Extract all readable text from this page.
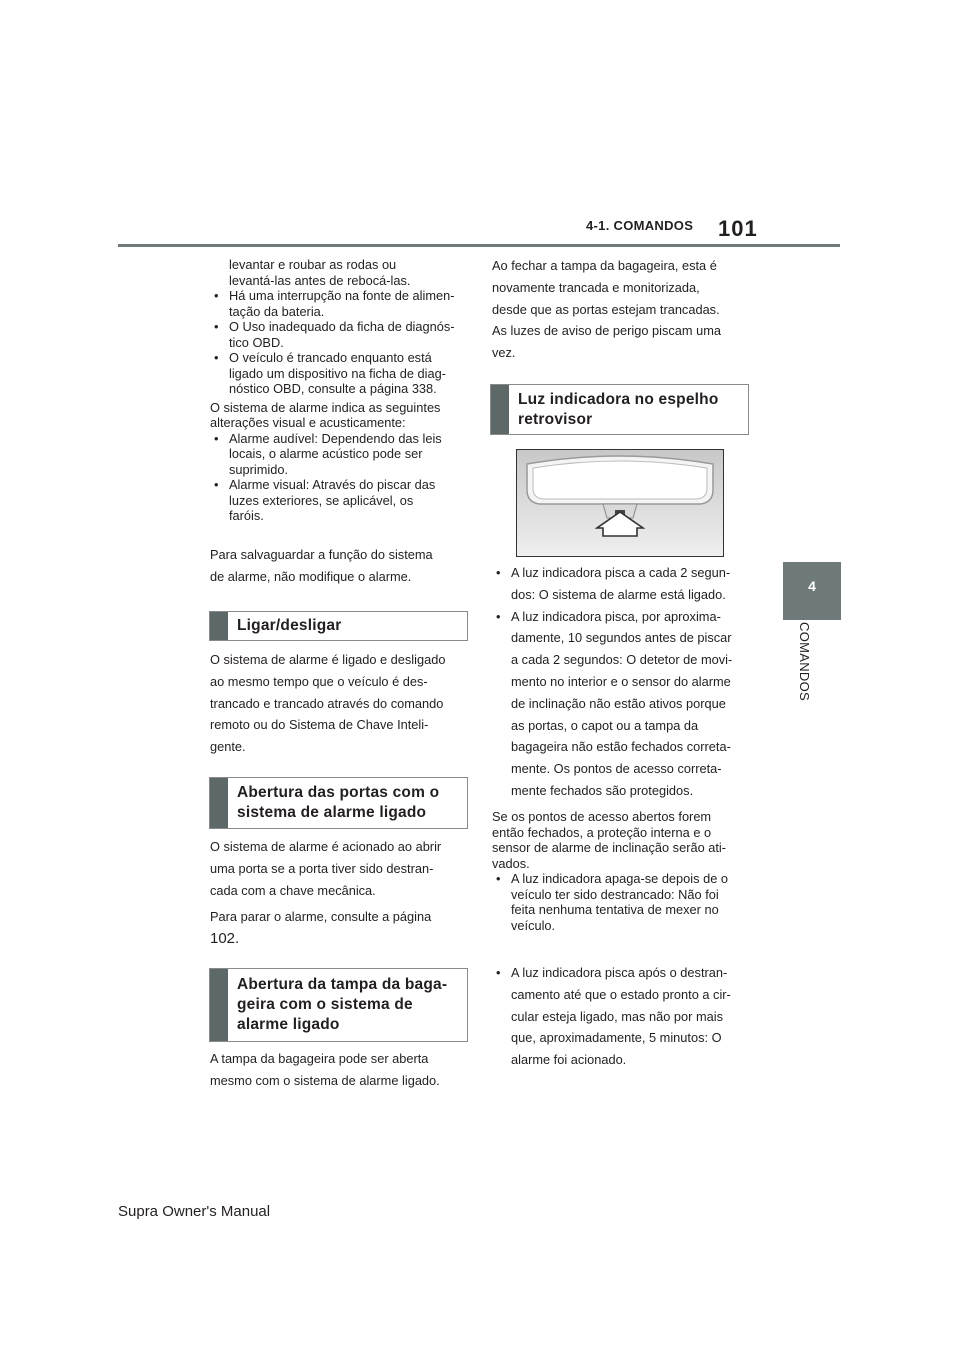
4-1. COMANDOS 101
4
COMANDOS

levantar e roubar as rodas ou

levantá-las antes de rebocá-las.

• Há uma interrupção na fonte de alimen-

tação da bateria.

• O Uso inadequado da ficha de diagnós-

tico OBD.

• O veículo é trancado enquanto está

ligado um dispositivo na ficha de diag-

nóstico OBD, consulte a página 338.

O sistema de alarme indica as seguintes

alterações visual e acusticamente:

• Alarme audível: Dependendo das leis

locais, o alarme acústico pode ser

suprimido.

• Alarme visual: Através do piscar das

luzes exteriores, se aplicável, os

faróis.

Para salvaguardar a função do sistema

de alarme, não modifique o alarme.

Ligar/desligar

O sistema de alarme é ligado e desligado

ao mesmo tempo que o veículo é des-

trancado e trancado através do comando

remoto ou do Sistema de Chave Inteli-

gente.

Abertura das portas com o
sistema de alarme ligado

O sistema de alarme é acionado ao abrir

uma porta se a porta tiver sido destran-

cada com a chave mecânica.

Para parar o alarme, consulte a página

102.

Abertura da tampa da baga-
geira com o sistema de
alarme ligado

A tampa da bagageira pode ser aberta

mesmo com o sistema de alarme ligado.

Ao fechar a tampa da bagageira, esta é

novamente trancada e monitorizada,

desde que as portas estejam trancadas.

As luzes de aviso de perigo piscam uma

vez.

Luz indicadora no espelho
retrovisor

• A luz indicadora pisca a cada 2 segun-

dos: O sistema de alarme está ligado.

• A luz indicadora pisca, por aproxima-

damente, 10 segundos antes de piscar

a cada 2 segundos: O detetor de movi-

mento no interior e o sensor do alarme

de inclinação não estão ativos porque

as portas, o capot ou a tampa da

bagageira não estão fechados correta-

mente. Os pontos de acesso correta-

mente fechados são protegidos.

Se os pontos de acesso abertos forem

então fechados, a proteção interna e o

sensor de alarme de inclinação serão ati-

vados.

• A luz indicadora apaga-se depois de o

veículo ter sido destrancado: Não foi

feita nenhuma tentativa de mexer no

veículo.

• A luz indicadora pisca após o destran-

camento até que o estado pronto a cir-

cular esteja ligado, mas não por mais

que, aproximadamente, 5 minutos: O

alarme foi acionado.

Supra Owner's Manual
